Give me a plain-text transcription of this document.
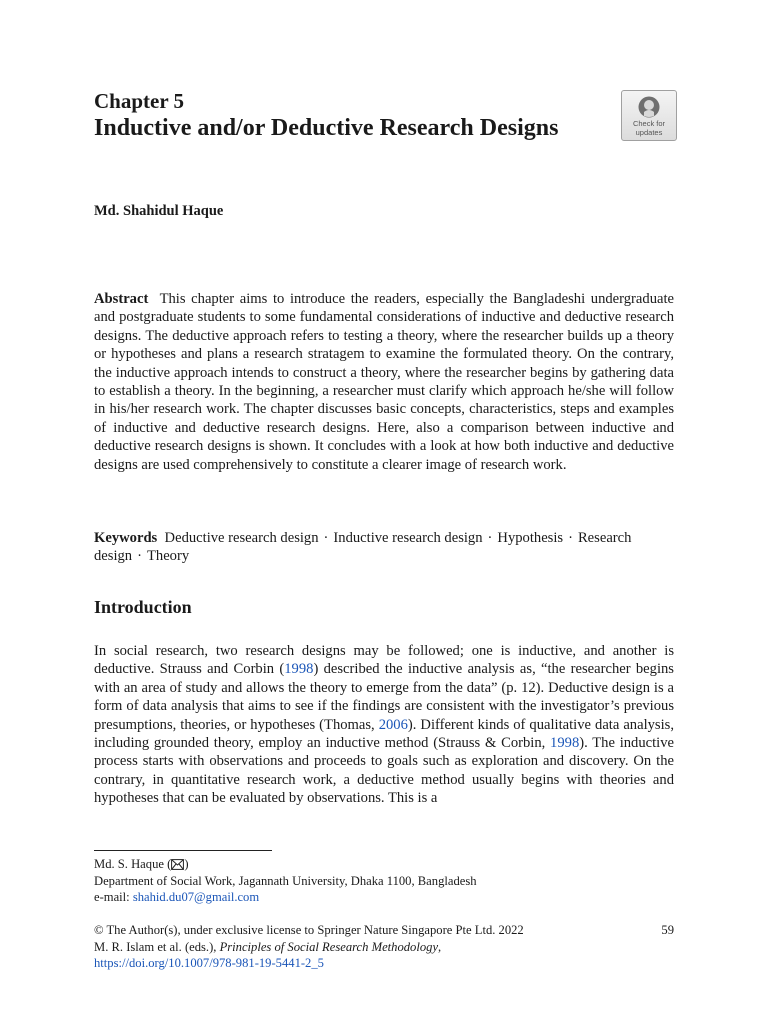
Chapter 5
Inductive and/or Deductive Research Designs	Check for
updates
Md. Shahidul Haque
Abstract This chapter aims to introduce the readers, especially the Bangladeshi undergraduate and postgraduate students to some fundamental considerations of inductive and deductive research designs. The deductive approach refers to testing a theory, where the researcher builds up a theory or hypotheses and plans a research stratagem to examine the formulated theory. On the contrary, the inductive approach intends to construct a theory, where the researcher begins by gathering data to establish a theory. In the beginning, a researcher must clarify which approach he/she will follow in his/her research work. The chapter discusses basic concepts, characteristics, steps and examples of inductive and deductive research designs. Here, also a comparison between inductive and deductive research designs is shown. It concludes with a look at how both inductive and deductive designs are used comprehensively to constitute a clearer image of research work.
Keywords Deductive research design · Inductive research design · Hypothesis · Research design · Theory
Introduction
In social research, two research designs may be followed; one is inductive, and another is deductive. Strauss and Corbin (1998) described the inductive analysis as, “the researcher begins with an area of study and allows the theory to emerge from the data” (p. 12). Deductive design is a form of data analysis that aims to see if the findings are consistent with the investigator’s previous presumptions, theories, or hypotheses (Thomas, 2006). Different kinds of qualitative data analysis, including grounded theory, employ an inductive method (Strauss & Corbin, 1998). The inductive process starts with observations and proceeds to goals such as exploration and discovery. On the contrary, in quantitative research work, a deductive method usually begins with theories and hypotheses that can be evaluated by observations. This is a
Md. S. Haque ( )
Department of Social Work, Jagannath University, Dhaka 1100, Bangladesh
e-mail: shahid.du07@gmail.com
© The Author(s), under exclusive license to Springer Nature Singapore Pte Ltd. 2022	59
M. R. Islam et al. (eds.), Principles of Social Research Methodology,
https://doi.org/10.1007/978-981-19-5441-2_5
